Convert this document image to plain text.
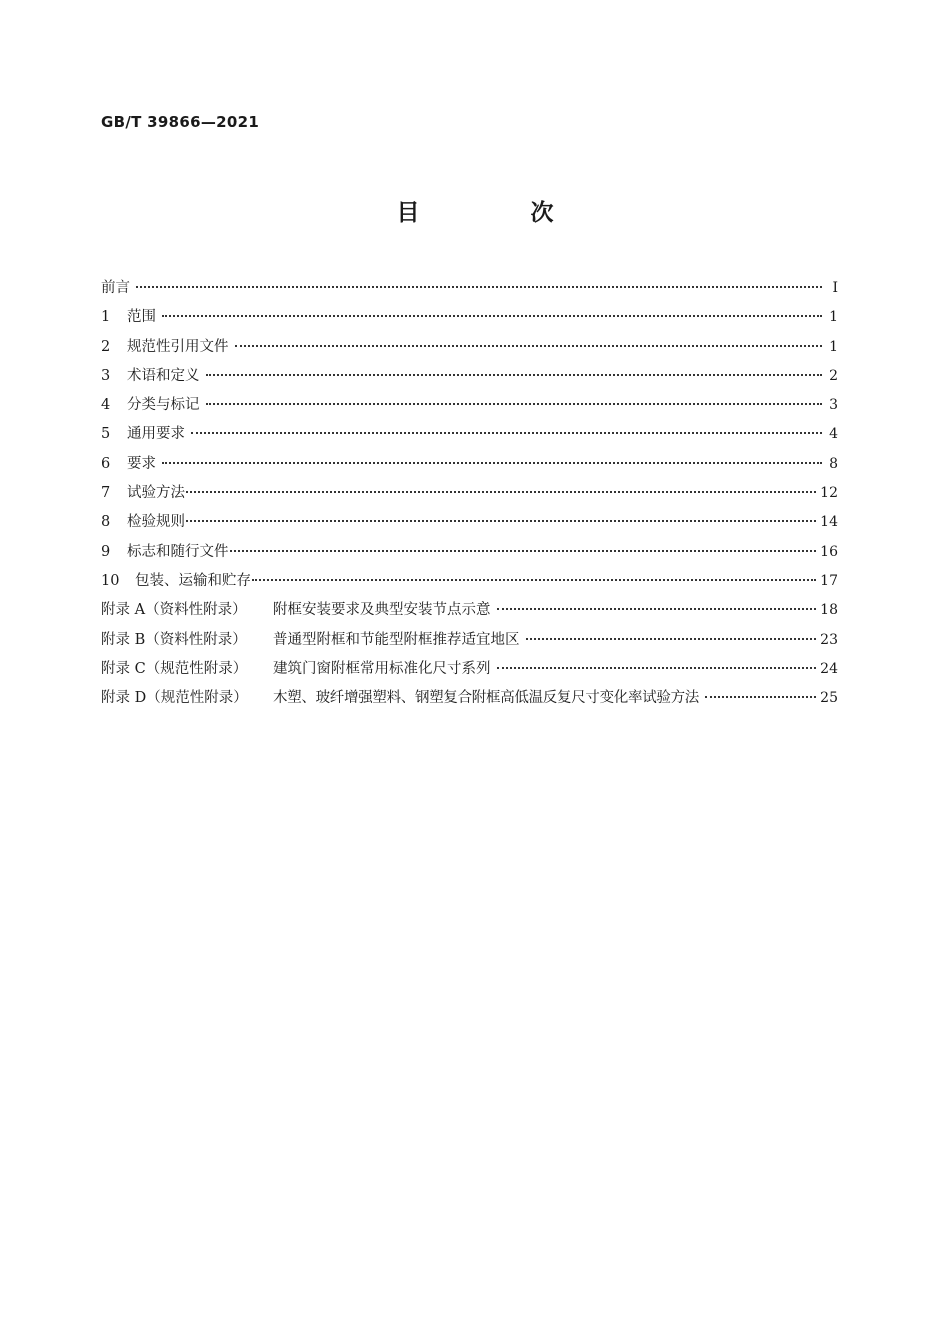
GB/T 39866—2021
目　次
前言	Ⅰ
1	范围	1
2	规范性引用文件	1
3	术语和定义	2
4	分类与标记	3
5	通用要求	4
6	要求	8
7	试验方法	12
8	检验规则	14
9	标志和随行文件	16
10	包装、运输和贮存	17
附录 A（资料性附录）	附框安装要求及典型安装节点示意	18
附录 B（资料性附录）	普通型附框和节能型附框推荐适宜地区	23
附录 C（规范性附录）	建筑门窗附框常用标准化尺寸系列	24
附录 D（规范性附录）	木塑、玻纤增强塑料、钢塑复合附框高低温反复尺寸变化率试验方法	25
